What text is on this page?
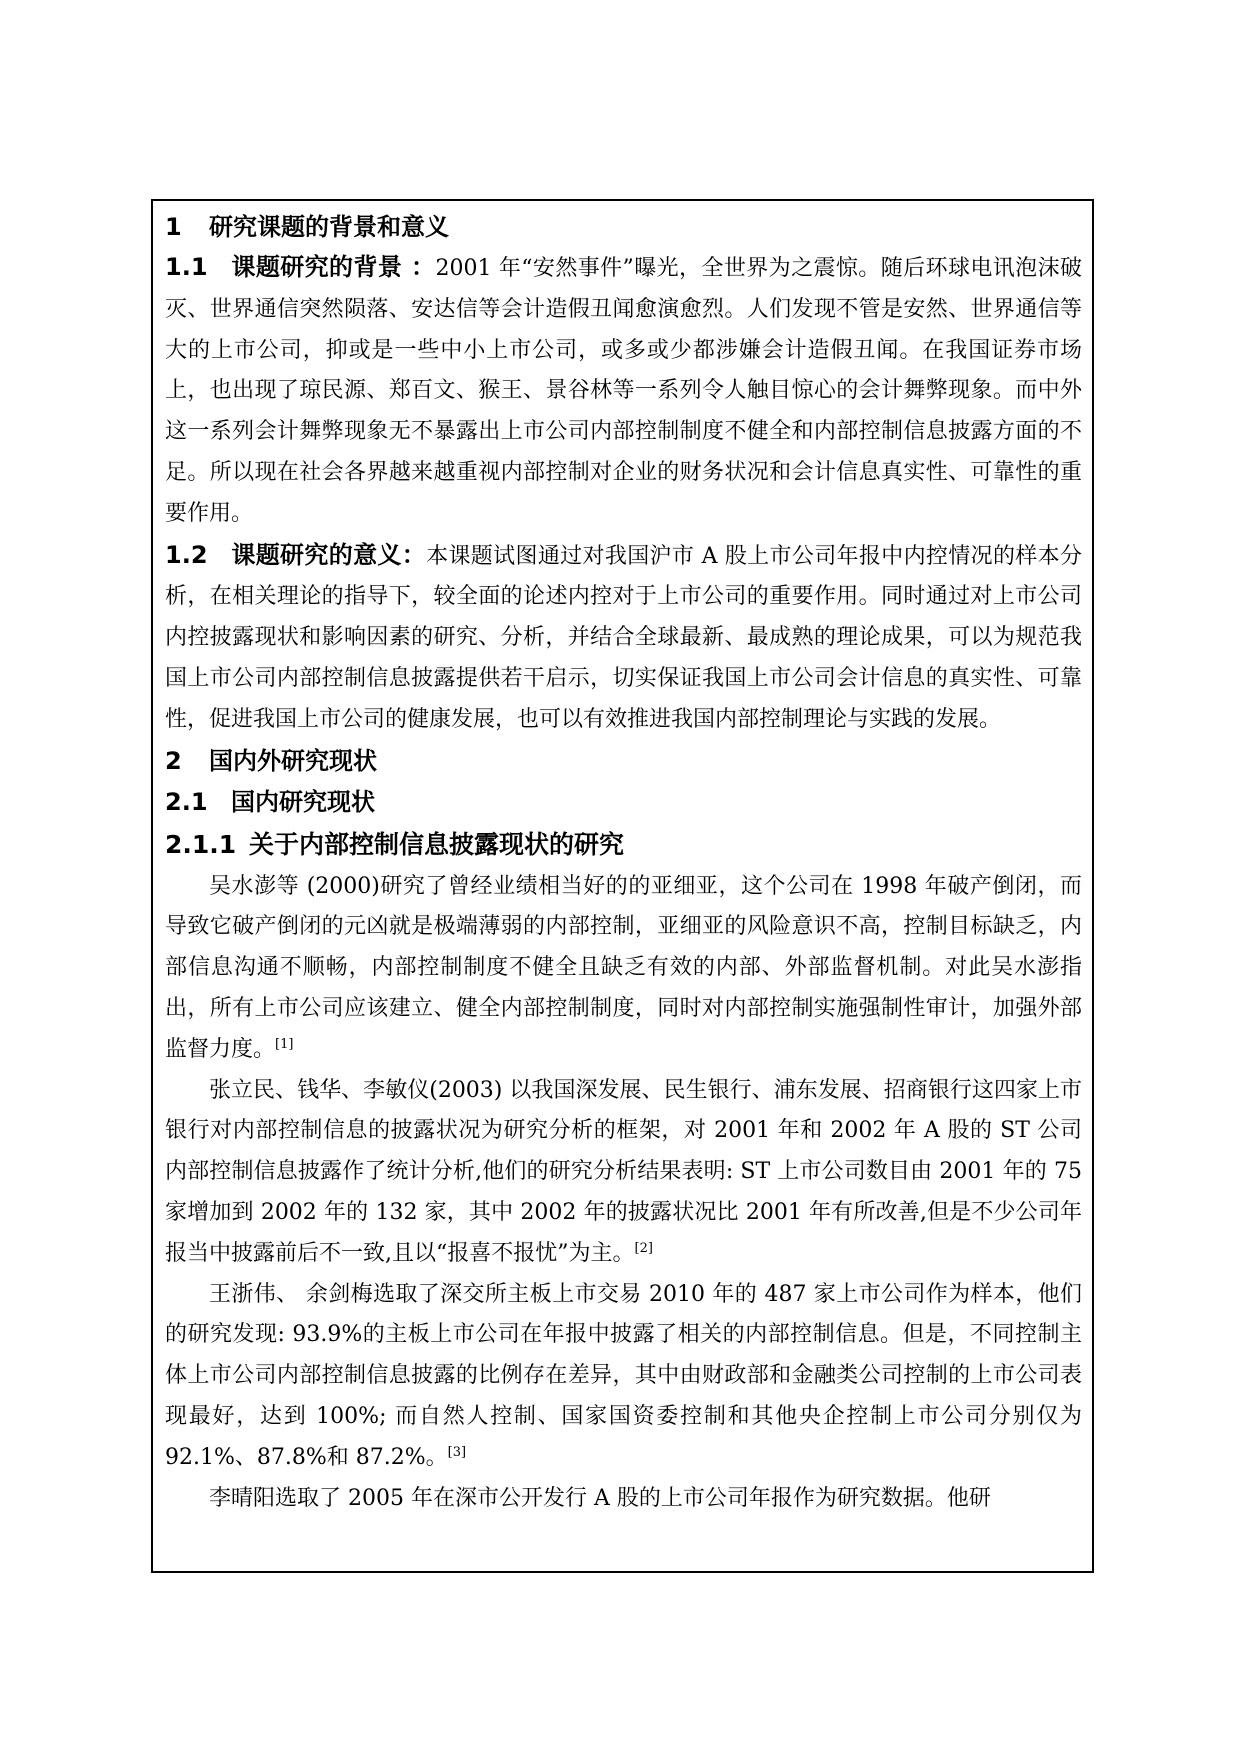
1 研究课题的背景和意义

1.1 课题研究的背景 ：2001 年“安然事件”曝光，全世界为之震惊。随后环球电讯泡沫破灭、世界通信突然陨落、安达信等会计造假丑闻愈演愈烈。人们发现不管是安然、世界通信等大的上市公司，抑或是一些中小上市公司，或多或少都涉嫌会计造假丑闻。在我国证券市场上，也出现了琼民源、郑百文、猴王、景谷林等一系列令人触目惊心的会计舞弊现象。而中外这一系列会计舞弊现象无不暴露出上市公司内部控制制度不健全和内部控制信息披露方面的不足。所以现在社会各界越来越重视内部控制对企业的财务状况和会计信息真实性、可靠性的重要作用。

1.2 课题研究的意义：本课题试图通过对我国沪市 A 股上市公司年报中内控情况的样本分析，在相关理论的指导下，较全面的论述内控对于上市公司的重要作用。同时通过对上市公司内控披露现状和影响因素的研究、分析，并结合全球最新、最成熟的理论成果，可以为规范我国上市公司内部控制信息披露提供若干启示，切实保证我国上市公司会计信息的真实性、可靠性，促进我国上市公司的健康发展，也可以有效推进我国内部控制理论与实践的发展。

2 国内外研究现状
2.1 国内研究现状
2.1.1 关于内部控制信息披露现状的研究

吴水澎等 (2000)研究了曾经业绩相当好的的亚细亚，这个公司在 1998 年破产倒闭，而导致它破产倒闭的元凶就是极端薄弱的内部控制，亚细亚的风险意识不高，控制目标缺乏，内部信息沟通不顺畅，内部控制制度不健全且缺乏有效的内部、外部监督机制。对此吴水澎指出，所有上市公司应该建立、健全内部控制制度，同时对内部控制实施强制性审计，加强外部监督力度。[1]

张立民、钱华、李敏仪(2003) 以我国深发展、民生银行、浦东发展、招商银行这四家上市银行对内部控制信息的披露状况为研究分析的框架，对 2001 年和 2002 年 A 股的 ST 公司内部控制信息披露作了统计分析,他们的研究分析结果表明: ST 上市公司数目由 2001 年的 75 家增加到 2002 年的 132 家，其中 2002 年的披露状况比 2001 年有所改善,但是不少公司年报当中披露前后不一致,且以“报喜不报忧”为主。[2]

王浙伟、 余剑梅选取了深交所主板上市交易 2010 年的 487 家上市公司作为样本，他们的研究发现: 93.9%的主板上市公司在年报中披露了相关的内部控制信息。但是，不同控制主体上市公司内部控制信息披露的比例存在差异，其中由财政部和金融类公司控制的上市公司表现最好，达到 100%; 而自然人控制、国家国资委控制和其他央企控制上市公司分别仅为 92.1%、87.8%和 87.2%。[3]

李晴阳选取了 2005 年在深市公开发行 A 股的上市公司年报作为研究数据。他研
